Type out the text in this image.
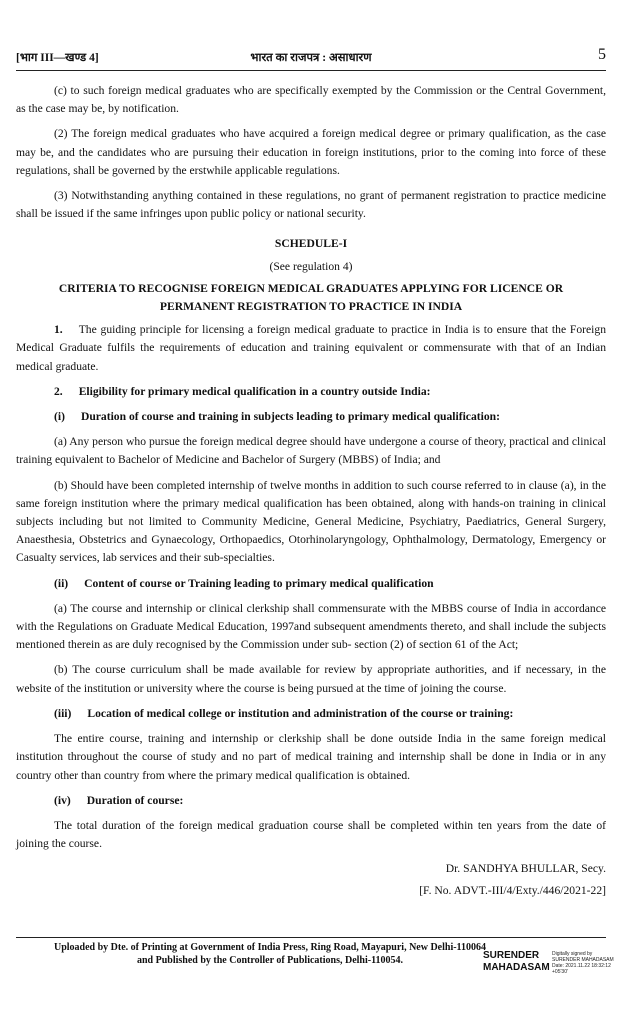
[भाग III—खण्ड 4]	भारत का राजपत्र : असाधारण	5

(c) to such foreign medical graduates who are specifically exempted by the Commission or the Central Government, as the case may be, by notification.

(2) The foreign medical graduates who have acquired a foreign medical degree or primary qualification, as the case may be, and the candidates who are pursuing their education in foreign institutions, prior to the coming into force of these regulations, shall be governed by the erstwhile applicable regulations.

(3) Notwithstanding anything contained in these regulations, no grant of permanent registration to practice medicine shall be issued if the same infringes upon public policy or national security.

SCHEDULE-I

(See regulation 4)

CRITERIA TO RECOGNISE FOREIGN MEDICAL GRADUATES APPLYING FOR LICENCE OR

PERMANENT REGISTRATION TO PRACTICE IN INDIA

1. The guiding principle for licensing a foreign medical graduate to practice in India is to ensure that the Foreign Medical Graduate fulfils the requirements of education and training equivalent or commensurate with that of an Indian medical graduate.

2. Eligibility for primary medical qualification in a country outside India:

(i) Duration of course and training in subjects leading to primary medical qualification:

(a) Any person who pursue the foreign medical degree should have undergone a course of theory, practical and clinical training equivalent to Bachelor of Medicine and Bachelor of Surgery (MBBS) of India; and

(b) Should have been completed internship of twelve months in addition to such course referred to in clause (a), in the same foreign institution where the primary medical qualification has been obtained, along with hands-on training in clinical subjects including but not limited to Community Medicine, General Medicine, Psychiatry, Paediatrics, General Surgery, Anaesthesia, Obstetrics and Gynaecology, Orthopaedics, Otorhinolaryngology, Ophthalmology, Dermatology, Emergency or Casualty services, lab services and their sub-specialties.

(ii) Content of course or Training leading to primary medical qualification

(a) The course and internship or clinical clerkship shall commensurate with the MBBS course of India in accordance with the Regulations on Graduate Medical Education, 1997and subsequent amendments thereto, and shall include the subjects mentioned therein as are duly recognised by the Commission under sub- section (2) of section 61 of the Act;

(b) The course curriculum shall be made available for review by appropriate authorities, and if necessary, in the website of the institution or university where the course is being pursued at the time of joining the course.

(iii) Location of medical college or institution and administration of the course or training:

The entire course, training and internship or clerkship shall be done outside India in the same foreign medical institution throughout the course of study and no part of medical training and internship shall be done in India or in any country other than country from where the primary medical qualification is obtained.

(iv) Duration of course:

The total duration of the foreign medical graduation course shall be completed within ten years from the date of joining the course.

Dr. SANDHYA BHULLAR, Secy.
[F. No. ADVT.-III/4/Exty./446/2021-22]
Uploaded by Dte. of Printing at Government of India Press, Ring Road, Mayapuri, New Delhi-110064
and Published by the Controller of Publications, Delhi-110054.	SURENDER
MAHADASAM
Digitally signed by
SURENDER MAHADASAM
Date: 2021.11.22 18:32:12
+05'30'
